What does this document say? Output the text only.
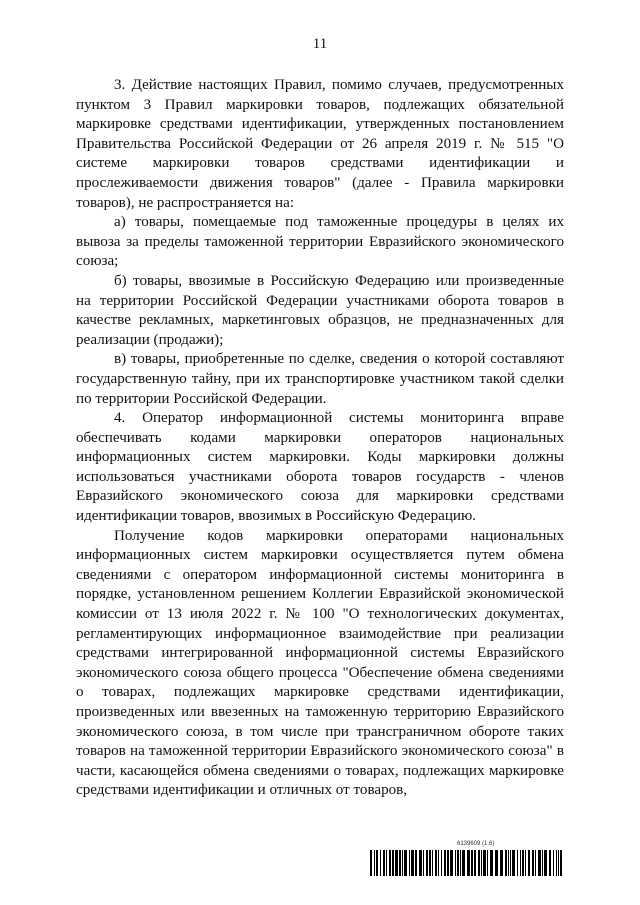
11

3. Действие настоящих Правил, помимо случаев, предусмотренных пунктом 3 Правил маркировки товаров, подлежащих обязательной маркировке средствами идентификации, утвержденных постановлением Правительства Российской Федерации от 26 апреля 2019 г. № 515 "О системе маркировки товаров средствами идентификации и прослеживаемости движения товаров" (далее - Правила маркировки товаров), не распространяется на:

а) товары, помещаемые под таможенные процедуры в целях их вывоза за пределы таможенной территории Евразийского экономического союза;

б) товары, ввозимые в Российскую Федерацию или произведенные на территории Российской Федерации участниками оборота товаров в качестве рекламных, маркетинговых образцов, не предназначенных для реализации (продажи);

в) товары, приобретенные по сделке, сведения о которой составляют государственную тайну, при их транспортировке участником такой сделки по территории Российской Федерации.

4. Оператор информационной системы мониторинга вправе обеспечивать кодами маркировки операторов национальных информационных систем маркировки. Коды маркировки должны использоваться участниками оборота товаров государств - членов Евразийского экономического союза для маркировки средствами идентификации товаров, ввозимых в Российскую Федерацию.

Получение кодов маркировки операторами национальных информационных систем маркировки осуществляется путем обмена сведениями с оператором информационной системы мониторинга в порядке, установленном решением Коллегии Евразийской экономической комиссии от 13 июля 2022 г. № 100 "О технологических документах, регламентирующих информационное взаимодействие при реализации средствами интегрированной информационной системы Евразийского экономического союза общего процесса "Обеспечение обмена сведениями о товарах, подлежащих маркировке средствами идентификации, произведенных или ввезенных на таможенную территорию Евразийского экономического союза, в том числе при трансграничном обороте таких товаров на таможенной территории Евразийского экономического союза" в части, касающейся обмена сведениями о товарах, подлежащих маркировке средствами идентификации и отличных от товаров,

6139609 (1.6)
